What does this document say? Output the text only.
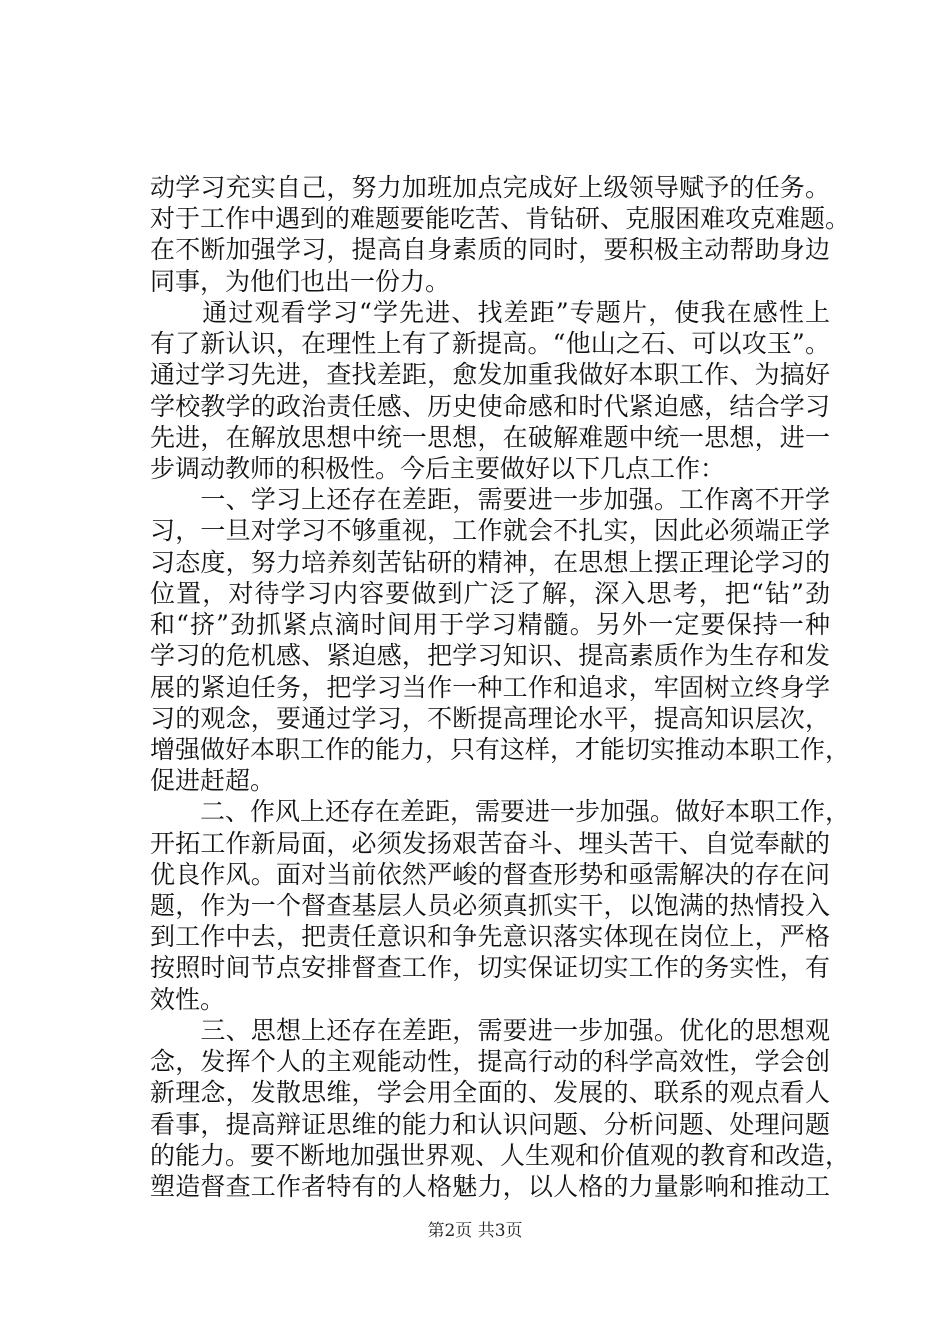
动学习充实自己，努力加班加点完成好上级领导赋予的任务。
对于工作中遇到的难题要能吃苦、肯钻研、克服困难攻克难题。
在不断加强学习，提高自身素质的同时，要积极主动帮助身边
同事，为他们也出一份力。
　　通过观看学习“学先进、找差距”专题片，使我在感性上
有了新认识，在理性上有了新提高。“他山之石、可以攻玉”。
通过学习先进，查找差距，愈发加重我做好本职工作、为搞好
学校教学的政治责任感、历史使命感和时代紧迫感，结合学习
先进，在解放思想中统一思想，在破解难题中统一思想，进一
步调动教师的积极性。今后主要做好以下几点工作：
　　一、学习上还存在差距，需要进一步加强。工作离不开学
习，一旦对学习不够重视，工作就会不扎实，因此必须端正学
习态度，努力培养刻苦钻研的精神，在思想上摆正理论学习的
位置，对待学习内容要做到广泛了解，深入思考，把“钻”劲
和“挤”劲抓紧点滴时间用于学习精髓。另外一定要保持一种
学习的危机感、紧迫感，把学习知识、提高素质作为生存和发
展的紧迫任务，把学习当作一种工作和追求，牢固树立终身学
习的观念，要通过学习，不断提高理论水平，提高知识层次，
增强做好本职工作的能力，只有这样，才能切实推动本职工作，
促进赶超。
　　二、作风上还存在差距，需要进一步加强。做好本职工作，
开拓工作新局面，必须发扬艰苦奋斗、埋头苦干、自觉奉献的
优良作风。面对当前依然严峻的督查形势和亟需解决的存在问
题，作为一个督查基层人员必须真抓实干，以饱满的热情投入
到工作中去，把责任意识和争先意识落实体现在岗位上，严格
按照时间节点安排督查工作，切实保证切实工作的务实性，有
效性。
　　三、思想上还存在差距，需要进一步加强。优化的思想观
念，发挥个人的主观能动性，提高行动的科学高效性，学会创
新理念，发散思维，学会用全面的、发展的、联系的观点看人
看事，提高辩证思维的能力和认识问题、分析问题、处理问题
的能力。要不断地加强世界观、人生观和价值观的教育和改造，
塑造督查工作者特有的人格魅力，以人格的力量影响和推动工
第2页 共3页
